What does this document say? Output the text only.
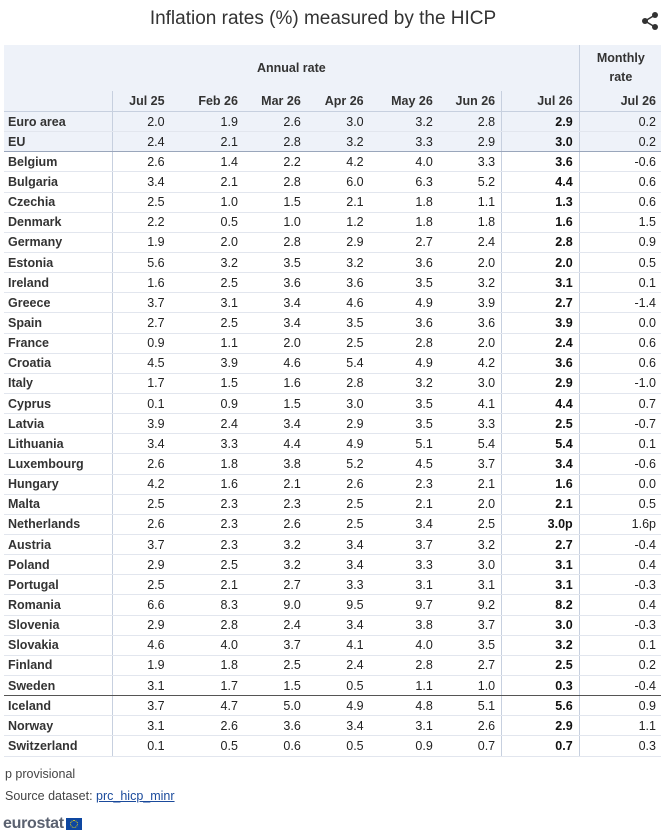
Inflation rates (%) measured by the HICP
Annual rate								Monthly
rate
	Jul 25	Feb 26	Mar 26	Apr 26	May 26	Jun 26	Jul 26	Jul 26
Euro area	2.0	1.9	2.6	3.0	3.2	2.8	2.9	0.2
EU	2.4	2.1	2.8	3.2	3.3	2.9	3.0	0.2
Belgium	2.6	1.4	2.2	4.2	4.0	3.3	3.6	-0.6
Bulgaria	3.4	2.1	2.8	6.0	6.3	5.2	4.4	0.6
Czechia	2.5	1.0	1.5	2.1	1.8	1.1	1.3	0.6
Denmark	2.2	0.5	1.0	1.2	1.8	1.8	1.6	1.5
Germany	1.9	2.0	2.8	2.9	2.7	2.4	2.8	0.9
Estonia	5.6	3.2	3.5	3.2	3.6	2.0	2.0	0.5
Ireland	1.6	2.5	3.6	3.6	3.5	3.2	3.1	0.1
Greece	3.7	3.1	3.4	4.6	4.9	3.9	2.7	-1.4
Spain	2.7	2.5	3.4	3.5	3.6	3.6	3.9	0.0
France	0.9	1.1	2.0	2.5	2.8	2.0	2.4	0.6
Croatia	4.5	3.9	4.6	5.4	4.9	4.2	3.6	0.6
Italy	1.7	1.5	1.6	2.8	3.2	3.0	2.9	-1.0
Cyprus	0.1	0.9	1.5	3.0	3.5	4.1	4.4	0.7
Latvia	3.9	2.4	3.4	2.9	3.5	3.3	2.5	-0.7
Lithuania	3.4	3.3	4.4	4.9	5.1	5.4	5.4	0.1
Luxembourg	2.6	1.8	3.8	5.2	4.5	3.7	3.4	-0.6
Hungary	4.2	1.6	2.1	2.6	2.3	2.1	1.6	0.0
Malta	2.5	2.3	2.3	2.5	2.1	2.0	2.1	0.5
Netherlands	2.6	2.3	2.6	2.5	3.4	2.5	3.0p	1.6p
Austria	3.7	2.3	3.2	3.4	3.7	3.2	2.7	-0.4
Poland	2.9	2.5	3.2	3.4	3.3	3.0	3.1	0.4
Portugal	2.5	2.1	2.7	3.3	3.1	3.1	3.1	-0.3
Romania	6.6	8.3	9.0	9.5	9.7	9.2	8.2	0.4
Slovenia	2.9	2.8	2.4	3.4	3.8	3.7	3.0	-0.3
Slovakia	4.6	4.0	3.7	4.1	4.0	3.5	3.2	0.1
Finland	1.9	1.8	2.5	2.4	2.8	2.7	2.5	0.2
Sweden	3.1	1.7	1.5	0.5	1.1	1.0	0.3	-0.4
Iceland	3.7	4.7	5.0	4.9	4.8	5.1	5.6	0.9
Norway	3.1	2.6	3.6	3.4	3.1	2.6	2.9	1.1
Switzerland	0.1	0.5	0.6	0.5	0.9	0.7	0.7	0.3
p provisional
Source dataset: prc_hicp_minr
eurostat
